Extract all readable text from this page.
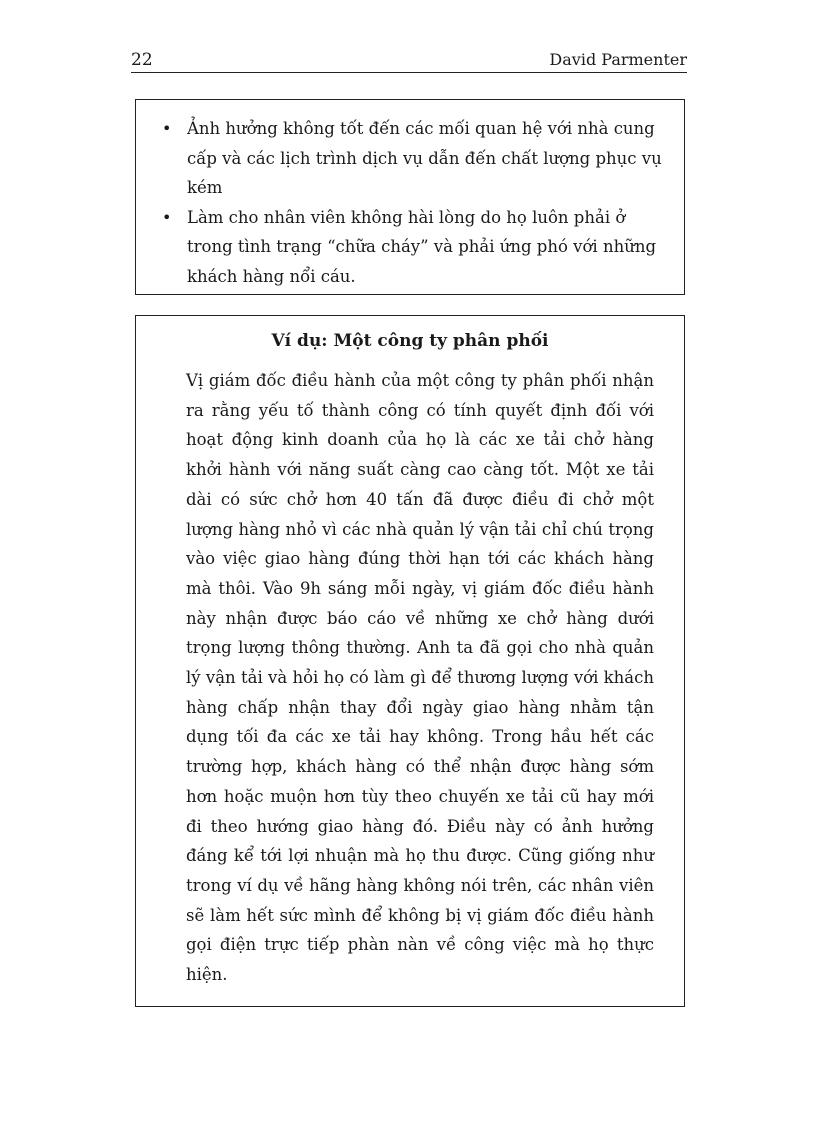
22	David Parmenter
• Ảnh hưởng không tốt đến các mối quan hệ với nhà cung cấp và các lịch trình dịch vụ dẫn đến chất lượng phục vụ kém
• Làm cho nhân viên không hài lòng do họ luôn phải ở trong tình trạng “chữa cháy” và phải ứng phó với những khách hàng nổi cáu.
Ví dụ: Một công ty phân phối

Vị giám đốc điều hành của một công ty phân phối nhận ra rằng yếu tố thành công có tính quyết định đối với hoạt động kinh doanh của họ là các xe tải chở hàng khởi hành với năng suất càng cao càng tốt. Một xe tải dài có sức chở hơn 40 tấn đã được điều đi chở một lượng hàng nhỏ vì các nhà quản lý vận tải chỉ chú trọng vào việc giao hàng đúng thời hạn tới các khách hàng mà thôi. Vào 9h sáng mỗi ngày, vị giám đốc điều hành này nhận được báo cáo về những xe chở hàng dưới trọng lượng thông thường. Anh ta đã gọi cho nhà quản lý vận tải và hỏi họ có làm gì để thương lượng với khách hàng chấp nhận thay đổi ngày giao hàng nhằm tận dụng tối đa các xe tải hay không. Trong hầu hết các trường hợp, khách hàng có thể nhận được hàng sớm hơn hoặc muộn hơn tùy theo chuyến xe tải cũ hay mới đi theo hướng giao hàng đó. Điều này có ảnh hưởng đáng kể tới lợi nhuận mà họ thu được. Cũng giống như trong ví dụ về hãng hàng không nói trên, các nhân viên sẽ làm hết sức mình để không bị vị giám đốc điều hành gọi điện trực tiếp phàn nàn về công việc mà họ thực hiện.
